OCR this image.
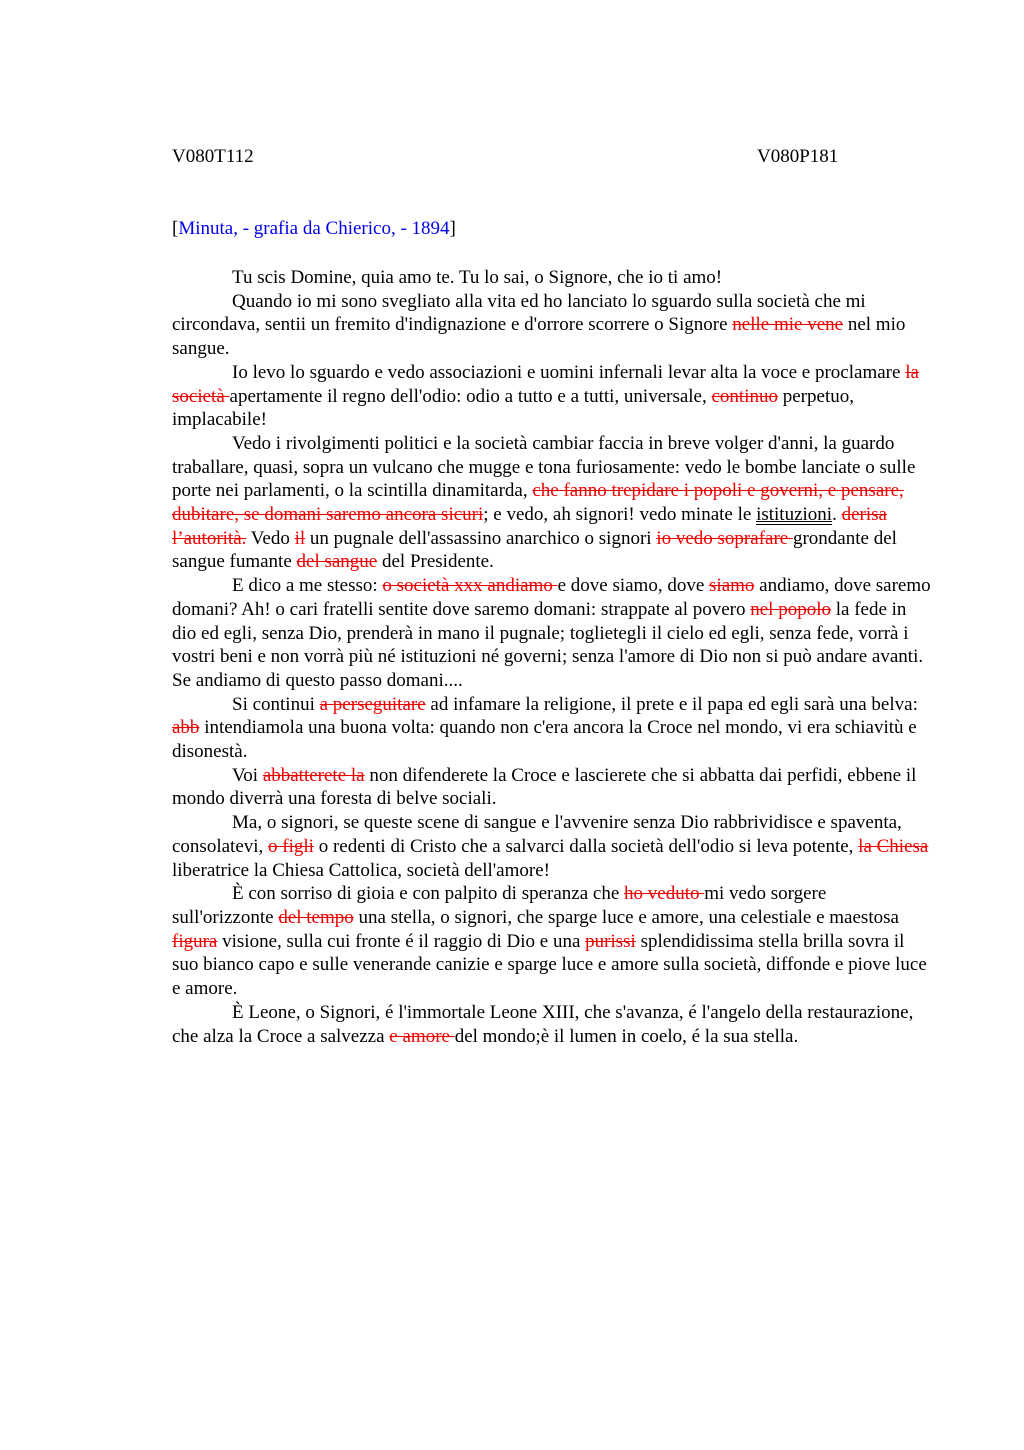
V080T112	V080P181
[Minuta, - grafia da Chierico, - 1894]

Tu scis Domine, quia amo te. Tu lo sai, o Signore, che io ti amo!

Quando io mi sono svegliato alla vita ed ho lanciato lo sguardo sulla società che mi circondava, sentii un fremito d'indignazione e d'orrore scorrere o Signore nelle mie vene nel mio sangue.

Io levo lo sguardo e vedo associazioni e uomini infernali levar alta la voce e proclamare la società apertamente il regno dell'odio: odio a tutto e a tutti, universale, continuo perpetuo, implacabile!

Vedo i rivolgimenti politici e la società cambiar faccia in breve volger d'anni, la guardo traballare, quasi, sopra un vulcano che mugge e tona furiosamente: vedo le bombe lanciate o sulle porte nei parlamenti, o la scintilla dinamitarda, che fanno trepidare i popoli e governi, e pensare, dubitare, se domani saremo ancora sicuri; e vedo, ah signori! vedo minate le istituzioni. derisa l’autorità. Vedo il un pugnale dell'assassino anarchico o signori io vedo soprafare grondante del sangue fumante del sangue del Presidente.

E dico a me stesso: o società xxx andiamo e dove siamo, dove siamo andiamo, dove saremo domani? Ah! o cari fratelli sentite dove saremo domani: strappate al povero nel popolo la fede in dio ed egli, senza Dio, prenderà in mano il pugnale; toglietegli il cielo ed egli, senza fede, vorrà i vostri beni e non vorrà più né istituzioni né governi; senza l'amore di Dio non si può andare avanti. Se andiamo di questo passo domani....

Si continui a perseguitare ad infamare la religione, il prete e il papa ed egli sarà una belva: abb intendiamola una buona volta: quando non c'era ancora la Croce nel mondo, vi era schiavitù e disonestà.

Voi abbatterete la non difenderete la Croce e lascierete che si abbatta dai perfidi, ebbene il mondo diverrà una foresta di belve sociali.

Ma, o signori, se queste scene di sangue e l'avvenire senza Dio rabbrividisce e spaventa, consolatevi, o figli o redenti di Cristo che a salvarci dalla società dell'odio si leva potente, la Chiesa liberatrice la Chiesa Cattolica, società dell'amore!

È con sorriso di gioia e con palpito di speranza che ho veduto mi vedo sorgere sull'orizzonte del tempo una stella, o signori, che sparge luce e amore, una celestiale e maestosa figura visione, sulla cui fronte é il raggio di Dio e una purissi splendidissima stella brilla sovra il suo bianco capo e sulle venerande canizie e sparge luce e amore sulla società, diffonde e piove luce e amore.

È Leone, o Signori, é l'immortale Leone XIII, che s'avanza, é l'angelo della restaurazione, che alza la Croce a salvezza e amore del mondo;è il lumen in coelo, é la sua stella.
